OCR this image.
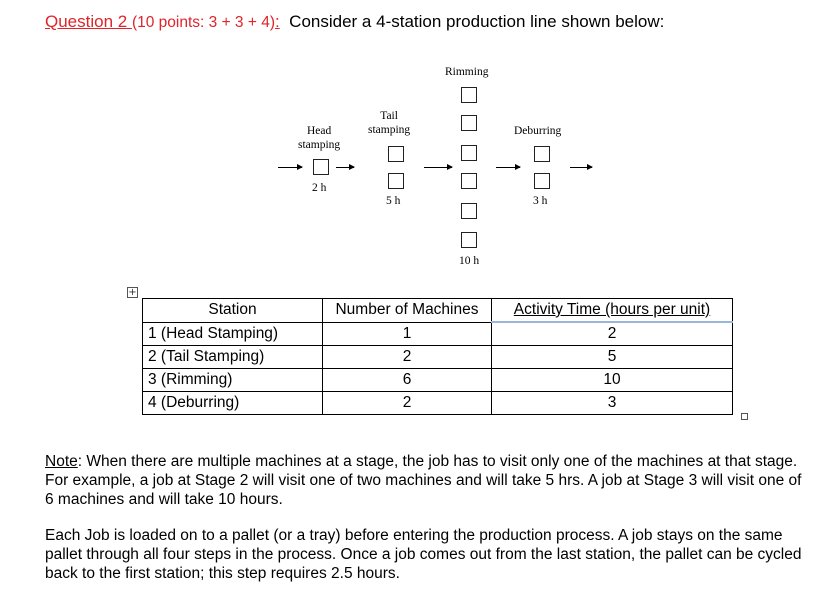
Question 2 (10 points: 3 + 3 + 4):  Consider a 4-station production line shown below:
Head
stamping
2 h
Tail
stamping
5 h
Rimming
10 h
Deburring
3 h
+
Station	Number of Machines	Activity Time (hours per unit)
1 (Head Stamping)	1	2
2 (Tail Stamping)	2	5
3 (Rimming)	6	10
4 (Deburring)	2	3
Note: When there are multiple machines at a stage, the job has to visit only one of the machines at that stage. For example, a job at Stage 2 will visit one of two machines and will take 5 hrs. A job at Stage 3 will visit one of 6 machines and will take 10 hours.
Each Job is loaded on to a pallet (or a tray) before entering the production process. A job stays on the same pallet through all four steps in the process. Once a job comes out from the last station, the pallet can be cycled back to the first station; this step requires 2.5 hours.
